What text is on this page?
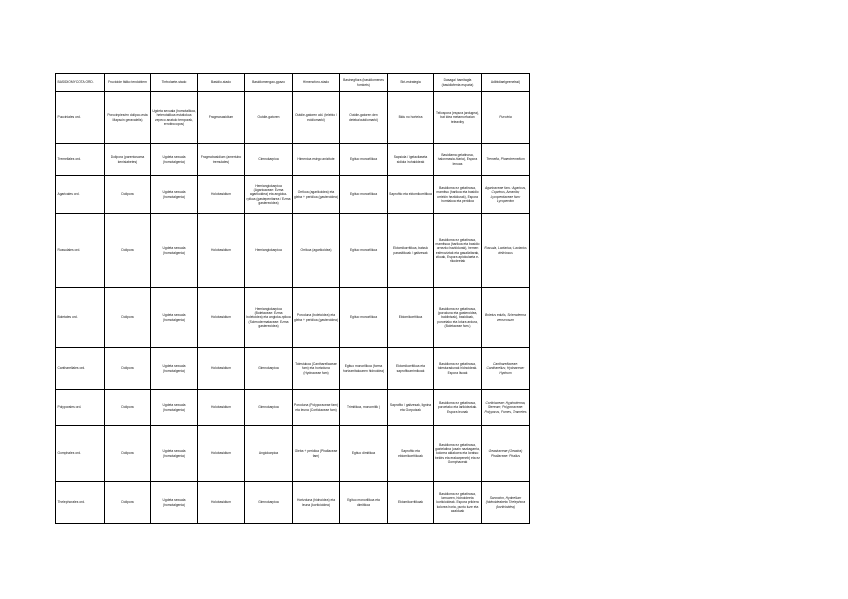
BASIDIOMYCOTA ORD.	Fructoide fáliko tendoblem	Tirrbolaete-stado	Basidio-stado	Basidiomengao-gpazo	Himenoforo-stado	Basinegfiora (basidiomenes fomkets)	Stri-estrategia	Dasaga/ hamitagfa (basidiofenta espuria)	Adibidiaelgeenelssi)
Pucciniales ord.	Porccinpies/en dolipco-esta Mapscin geravalelis)	Ugdeta sexuala (homotalikoa, heterotalikoa estutiokoa zepeco anatulo temporak, errotirocopos)	Fragmosasidium	Outdie-gatoren	Outdie-gatoren ald. (telebio / ecidiomarki)	Outdie-gatoren den deteka/outdiomarki)	Bidu no horteixa	Teliospora (espura jardugea), bat idea metamorfozian teleaxiby	Puccinia
Tremellales ord.	Dolipora (parentosoma kenisiabetes)	Ugdeta sexuala (homotalgenia)	Fragmobasidium (ameriubo tremulales)	Cimnokarpioa	Himenioa estrgo anizitute	Egituo monorilikoa	Sapsiola / igelacilaseta sidiola /ruhaiddeak	Basidiama gelatinosa, halonmasia /daria), Espora lenuas	Tremella, Phaeotremellum
Agaricales ord.	Dolipora	Ugdeta sexuala (homotalgenia)	Holobasidium	Hemiangiokarpioa (Agaricaceae: Ezma agarikoidea) eta angioka-rpikoa (gastepenitarea / Ezma gastereoidea)	Orrikoa (agarikoidea) eta gleba + peridioa (gasteroidea)	Egituo monorilikoa	Saprofito eta ektomikorritikoa	Basidioma ez gelatinosa, mamitsu (harikoa eta basidio orriekin hezkidurak), Espora homtakoa eta peridioa	Agaricaceae fam.: Agaricus, Coprinus, Amanita; Lycoperdaceae fam: Lycoperdon
Russulales ord.	Dolipora	Ugdeta sexuala (homotalgenia)	Holobasidium	Hemiangiokarpioa	Orrikoa (agarikoidea)	Egituo monorilikoa	Ektomikorritikoa, batzuk parasitikoak / gaitzesak	Basidioma ez gelatinosa, mamitsua (harikoa eta basidio ornezko hazkidurak), hemen esferoziztak eta gasalizitarak, zikoak, Espora apiokulaeta e-rikodeetak	Russula, Lactarius; Lactarius deliciosus
Boletales ord.	Dolipora	Ugdeta sexuala (homotalgenia)	Holobasidium	Hemiangiokarpioa (Boletaceae: Ezma boletoidea) eta angioka-rpikoa (Sclerodermataceae: Ezma gastereoidea)	Poroduna (boletoidea) eta gleba + peridioa (gasteroidea)	Egituo monorilikoa	Ektomikorritikoa	Basidioma ez gelatinosa, (poroduna eta gasteroidea, baldintzak), basidioak, poroetako eta lotura ardura, (Boletaceae fam.)	Boletus edulis, Scleroderma verrucosum
Cantharellales ord.	Dolipora	Ugdeta sexuala (homotalgenia)	Holobasidium	Gimnokarpioa	Tolestukoa (Cantharellaceae fam) eta hortzduna (Hydnaceae fam)	Egituo monorilikoa (forma hortzarritakoaren hidnoidea)	Ektomikorritikoa eta saprofitoarrimikoak	Basidioma ez gelatinosa, tolesturadunak hidnoideak. Espora lisoak	Cantharellaceae: Cantharellus; Hydnaceae: Hydnum
Polyporales ord.	Dolipora	Ugdeta sexuala (homotalgenia)	Holobasidium	Gimnokarpioa	Poroduna (Polyporaceae fam) eta leuna (Corticiaceae fam)	Trimitikoa, monomitik )	Saprofito / gaitzesak, lignina eta Gorputzak	Basidioma ez gelatinosa, poroetako eta larikidezkak. Espora leunak	Corticiaceae: Hyphoderma, Stereum; Polyporaceae: Polyporus, Fomes, Trametes
Gomphales ord.	Dolipora	Ugdeta sexuala (homotalgenia)	Holobasidium	Angiokarpioa	Gleba + peridioa (Phallaceae fam)	Egituo dimitikoa	Saprofito eta ektomikorritikoak	Basidioma ez gelatinosa, gaztelalina (usain nazkagarria, kolorea aldakorra eta loratsu: beldrs eta erakarpeneb) eta ez Gomphaceak	Geastraceae (Geastra) Phallaceae: Phallus
Thelephorales ord.	Dolipora	Ugdeta sexuala (homotalgenia)	Holobasidium	Gimnokarpioa	Hortzduna (hidnoidea) eta leuna (korticioidea)	Egituo monorilikoa eta dimitikoa	Ektomikorritikoak	Basidioma ez gelatinosa, larruaren, hidnoideeta korticioideak. Espora prikiera kolorea horia, puntu luze eta azalduak	Sarcodon, Hydnellum (hidnoideabeta Thelephora (korticioidea)
